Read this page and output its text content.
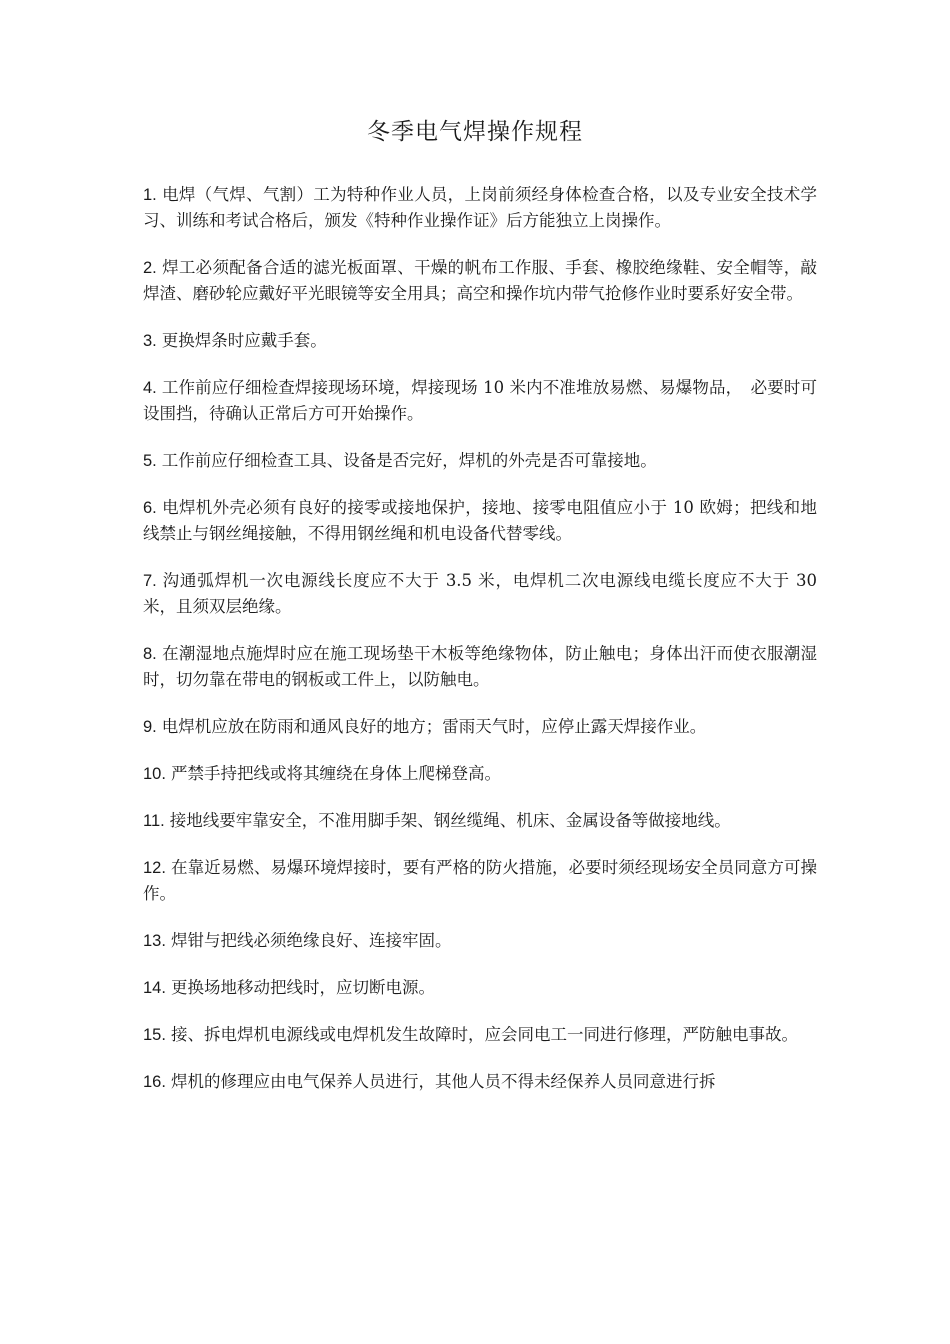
冬季电气焊操作规程
1. 电焊（气焊、气割）工为特种作业人员，上岗前须经身体检查合格，以及专业安全技术学习、训练和考试合格后，颁发《特种作业操作证》后方能独立上岗操作。
2. 焊工必须配备合适的滤光板面罩、干燥的帆布工作服、手套、橡胶绝缘鞋、安全帽等，敲焊渣、磨砂轮应戴好平光眼镜等安全用具；高空和操作坑内带气抢修作业时要系好安全带。
3. 更换焊条时应戴手套。
4. 工作前应仔细检查焊接现场环境，焊接现场 10 米内不准堆放易燃、易爆物品，　必要时可设围挡，待确认正常后方可开始操作。
5. 工作前应仔细检查工具、设备是否完好，焊机的外壳是否可靠接地。
6. 电焊机外壳必须有良好的接零或接地保护，接地、接零电阻值应小于 10 欧姆；把线和地线禁止与钢丝绳接触，不得用钢丝绳和机电设备代替零线。
7. 沟通弧焊机一次电源线长度应不大于 3.5 米，电焊机二次电源线电缆长度应不大于 30 米，且须双层绝缘。
8. 在潮湿地点施焊时应在施工现场垫干木板等绝缘物体，防止触电；身体出汗而使衣服潮湿时，切勿靠在带电的钢板或工件上，以防触电。
9. 电焊机应放在防雨和通风良好的地方；雷雨天气时，应停止露天焊接作业。
10. 严禁手持把线或将其缠绕在身体上爬梯登高。
11. 接地线要牢靠安全，不准用脚手架、钢丝缆绳、机床、金属设备等做接地线。
12. 在靠近易燃、易爆环境焊接时，要有严格的防火措施，必要时须经现场安全员同意方可操作。
13. 焊钳与把线必须绝缘良好、连接牢固。
14. 更换场地移动把线时，应切断电源。
15. 接、拆电焊机电源线或电焊机发生故障时，应会同电工一同进行修理，严防触电事故。
16. 焊机的修理应由电气保养人员进行，其他人员不得未经保养人员同意进行拆
